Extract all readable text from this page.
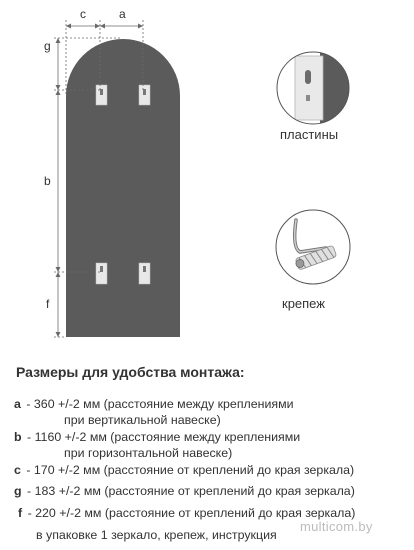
c	a
g
b
f
пластины
крепеж
Размеры для удобства монтажа:
a - 360 +/-2 мм (расстояние между креплениями
при вертикальной навеске)
b - 1160 +/-2 мм (расстояние между креплениями
при горизонтальной навеске)
c - 170 +/-2 мм (расстояние от креплений до края зеркала)
g - 183 +/-2 мм (расстояние от креплений до края зеркала)
f - 220 +/-2 мм (расстояние от креплений до края зеркала)
в упаковке 1 зеркало, крепеж, инструкция
multicom.by
